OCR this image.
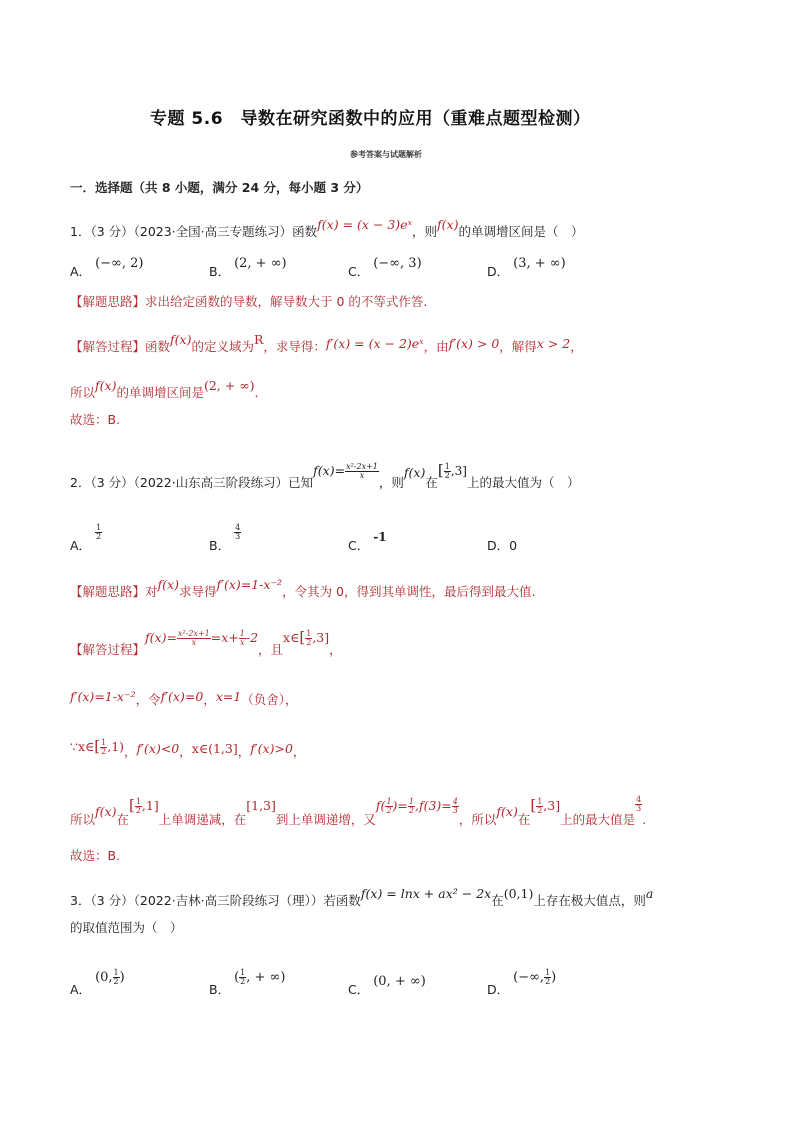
专题 5.6　导数在研究函数中的应用（重难点题型检测）
参考答案与试题解析
一．选择题（共 8 小题，满分 24 分，每小题 3 分）
1．（3 分）（2023·全国·高三专题练习）函数f(x) = (x − 3)eˣ，则f(x)的单调增区间是（　）
A．(−∞, 2)
B．(2, + ∞)
C．(−∞, 3)
D．(3, + ∞)
【解题思路】求出给定函数的导数，解导数大于 0 的不等式作答.
【解答过程】函数f(x)的定义域为R，求导得：f′(x) = (x − 2)eˣ，由f′(x) > 0，解得x > 2，
所以f(x)的单调增区间是(2, + ∞).
故选：B.
2．（3 分）（2022·山东高三阶段练习）已知$f(x)= \frac{\text{x²-2x+1}}{x}$
，则f(x)在[ $\frac{1}{2} ,3$]上的最大值为（　）
A．
$\frac{1}{2}$
B．
$\frac{4}{3}$
C．-1
D．0
【解题思路】对f(x)求导得f′(x)=1-x⁻²，令其为 0，得到其单调性，最后得到最大值.
【解答过程】$f(x)= \frac{\text{x²-2x+1}}{x} =x+ \frac{1}{x} -2$，且x∈[ $\frac{1}{2} ,3$]，
f′(x)=1-x⁻²，令f′(x)=0，x=1（负舍），
∵x∈[ $\frac{1}{2} ,1$)，f′(x)<0，x∈(1,3]，f′(x)>0，
所以f(x)在[ $\frac{1}{2} ,1$]上单调递减，在[1,3]到上单调递增，又$f( \frac{1}{2}$ )= $\frac{1}{2} ,f(3)= \frac{4}{3}$
，所以f(x)在[ $\frac{1}{2} ,3$]上的最大值是
$\frac{4}{3}$
.
故选：B.
3．（3 分）（2022·吉林·高三阶段练习（理））若函数f(x) = lnx + ax² − 2x在(0,1)上存在极大值点，则a
的取值范围为（　）
A．(0, $\frac{1}{2}$ )
B．( $\frac{1}{2}$ , + ∞)
C．(0, + ∞)
D．(−∞, $\frac{1}{2}$ )
